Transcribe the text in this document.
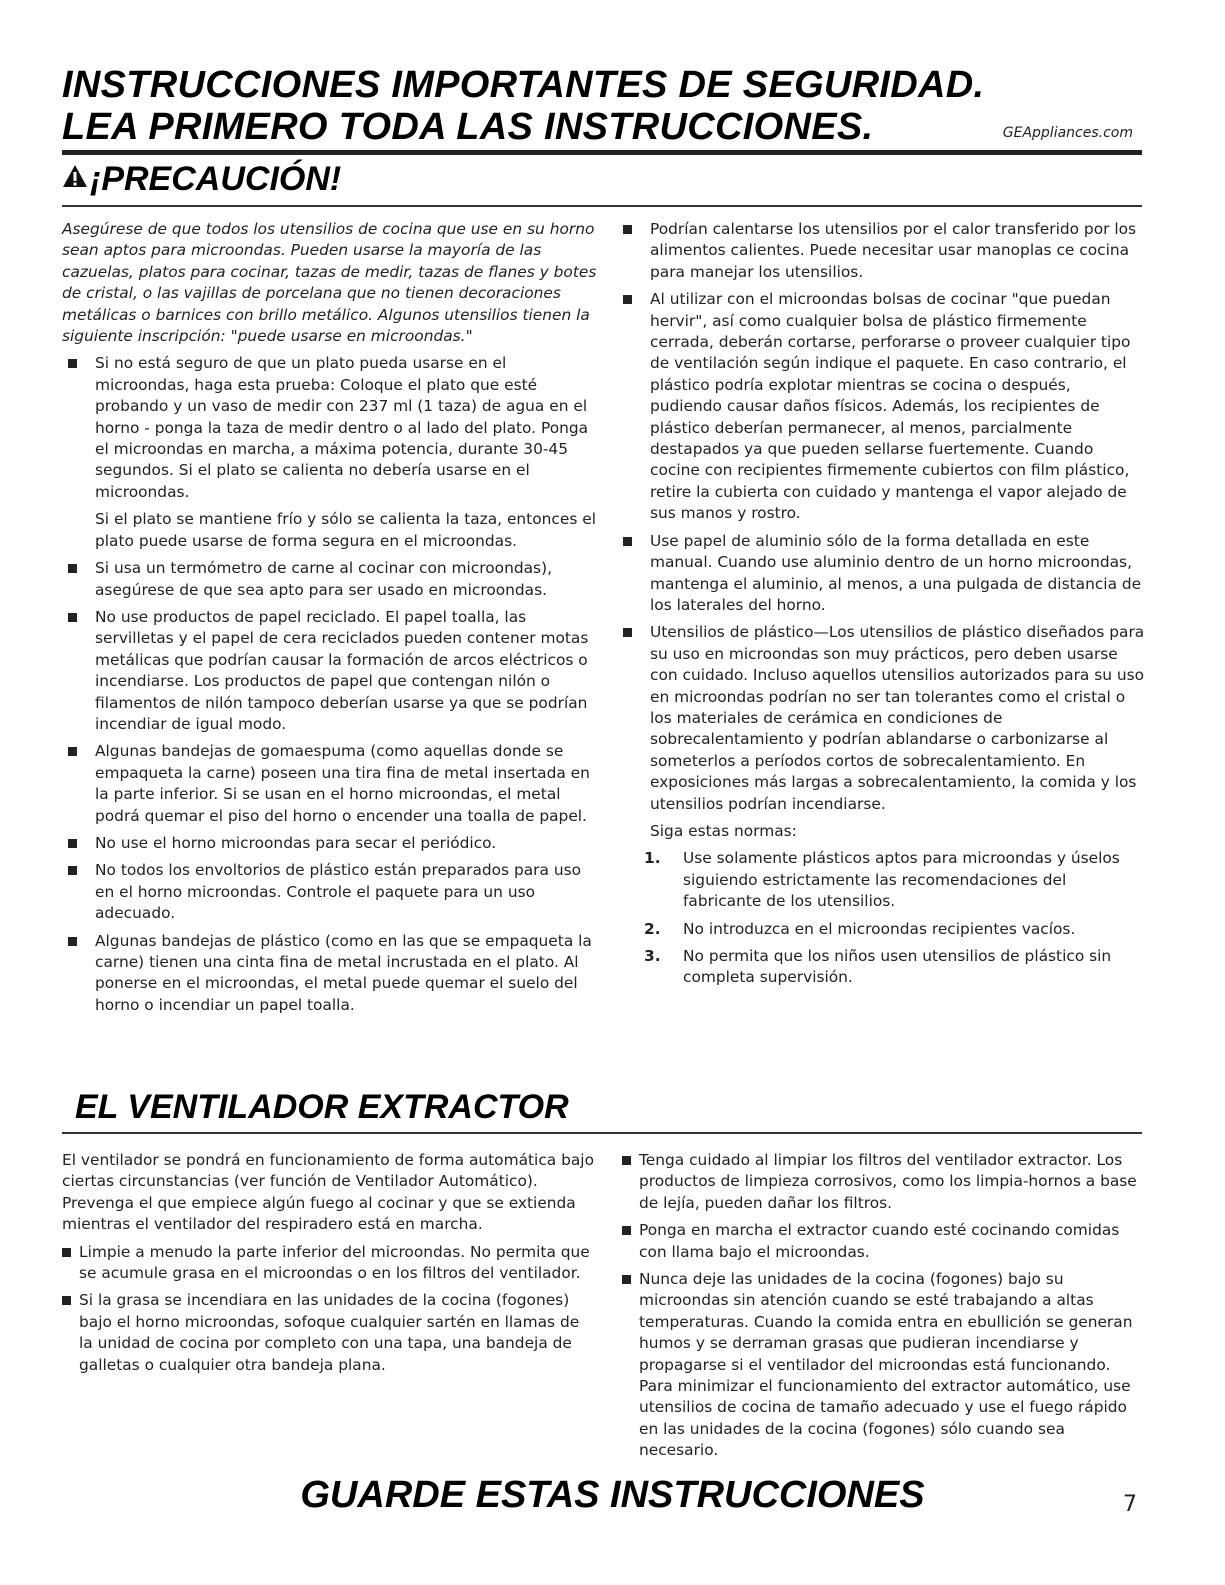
INSTRUCCIONES IMPORTANTES DE SEGURIDAD.
LEA PRIMERO TODA LAS INSTRUCCIONES.	GEAppliances.com
¡PRECAUCIÓN!

Asegúrese de que todos los utensilios de cocina que use en su horno sean aptos para microondas. Pueden usarse la mayoría de las cazuelas, platos para cocinar, tazas de medir, tazas de flanes y botes de cristal, o las vajillas de porcelana que no tienen decoraciones metálicas o barnices con brillo metálico. Algunos utensilios tienen la siguiente inscripción: "puede usarse en microondas."

Si no está seguro de que un plato pueda usarse en el microondas, haga esta prueba: Coloque el plato que esté probando y un vaso de medir con 237 ml (1 taza) de agua en el horno - ponga la taza de medir dentro o al lado del plato. Ponga el microondas en marcha, a máxima potencia, durante 30-45 segundos. Si el plato se calienta no debería usarse en el microondas.

Si el plato se mantiene frío y sólo se calienta la taza, entonces el plato puede usarse de forma segura en el microondas.

Si usa un termómetro de carne al cocinar con microondas), asegúrese de que sea apto para ser usado en microondas.
No use productos de papel reciclado. El papel toalla, las servilletas y el papel de cera reciclados pueden contener motas metálicas que podrían causar la formación de arcos eléctricos o incendiarse. Los productos de papel que contengan nilón o filamentos de nilón tampoco deberían usarse ya que se podrían incendiar de igual modo.
Algunas bandejas de gomaespuma (como aquellas donde se empaqueta la carne) poseen una tira fina de metal insertada en la parte inferior. Si se usan en el horno microondas, el metal podrá quemar el piso del horno o encender una toalla de papel.
No use el horno microondas para secar el periódico.
No todos los envoltorios de plástico están preparados para uso en el horno microondas. Controle el paquete para un uso adecuado.
Algunas bandejas de plástico (como en las que se empaqueta la carne) tienen una cinta fina de metal incrustada en el plato. Al ponerse en el microondas, el metal puede quemar el suelo del horno o incendiar un papel toalla.
Podrían calentarse los utensilios por el calor transferido por los alimentos calientes. Puede necesitar usar manoplas ce cocina para manejar los utensilios.
Al utilizar con el microondas bolsas de cocinar "que puedan hervir", así como cualquier bolsa de plástico firmemente cerrada, deberán cortarse, perforarse o proveer cualquier tipo de ventilación según indique el paquete. En caso contrario, el plástico podría explotar mientras se cocina o después, pudiendo causar daños físicos. Además, los recipientes de plástico deberían permanecer, al menos, parcialmente destapados ya que pueden sellarse fuertemente. Cuando cocine con recipientes firmemente cubiertos con film plástico, retire la cubierta con cuidado y mantenga el vapor alejado de sus manos y rostro.
Use papel de aluminio sólo de la forma detallada en este manual. Cuando use aluminio dentro de un horno microondas, mantenga el aluminio, al menos, a una pulgada de distancia de los laterales del horno.
Utensilios de plástico—Los utensilios de plástico diseñados para su uso en microondas son muy prácticos, pero deben usarse con cuidado. Incluso aquellos utensilios autorizados para su uso en microondas podrían no ser tan tolerantes como el cristal o los materiales de cerámica en condiciones de sobrecalentamiento y podrían ablandarse o carbonizarse al someterlos a períodos cortos de sobrecalentamiento. En exposiciones más largas a sobrecalentamiento, la comida y los utensilios podrían incendiarse.

Siga estas normas:

1. Use solamente plásticos aptos para microondas y úselos siguiendo estrictamente las recomendaciones del fabricante de los utensilios.
2. No introduzca en el microondas recipientes vacíos.
3. No permita que los niños usen utensilios de plástico sin completa supervisión.
EL VENTILADOR EXTRACTOR

El ventilador se pondrá en funcionamiento de forma automática bajo ciertas circunstancias (ver función de Ventilador Automático). Prevenga el que empiece algún fuego al cocinar y que se extienda mientras el ventilador del respiradero está en marcha.

Limpie a menudo la parte inferior del microondas. No permita que se acumule grasa en el microondas o en los filtros del ventilador.
Si la grasa se incendiara en las unidades de la cocina (fogones) bajo el horno microondas, sofoque cualquier sartén en llamas de la unidad de cocina por completo con una tapa, una bandeja de galletas o cualquier otra bandeja plana.
Tenga cuidado al limpiar los filtros del ventilador extractor. Los productos de limpieza corrosivos, como los limpia-hornos a base de lejía, pueden dañar los filtros.
Ponga en marcha el extractor cuando esté cocinando comidas con llama bajo el microondas.
Nunca deje las unidades de la cocina (fogones) bajo su microondas sin atención cuando se esté trabajando a altas temperaturas. Cuando la comida entra en ebullición se generan humos y se derraman grasas que pudieran incendiarse y propagarse si el ventilador del microondas está funcionando. Para minimizar el funcionamiento del extractor automático, use utensilios de cocina de tamaño adecuado y use el fuego rápido en las unidades de la cocina (fogones) sólo cuando sea necesario.
GUARDE ESTAS INSTRUCCIONES	7
